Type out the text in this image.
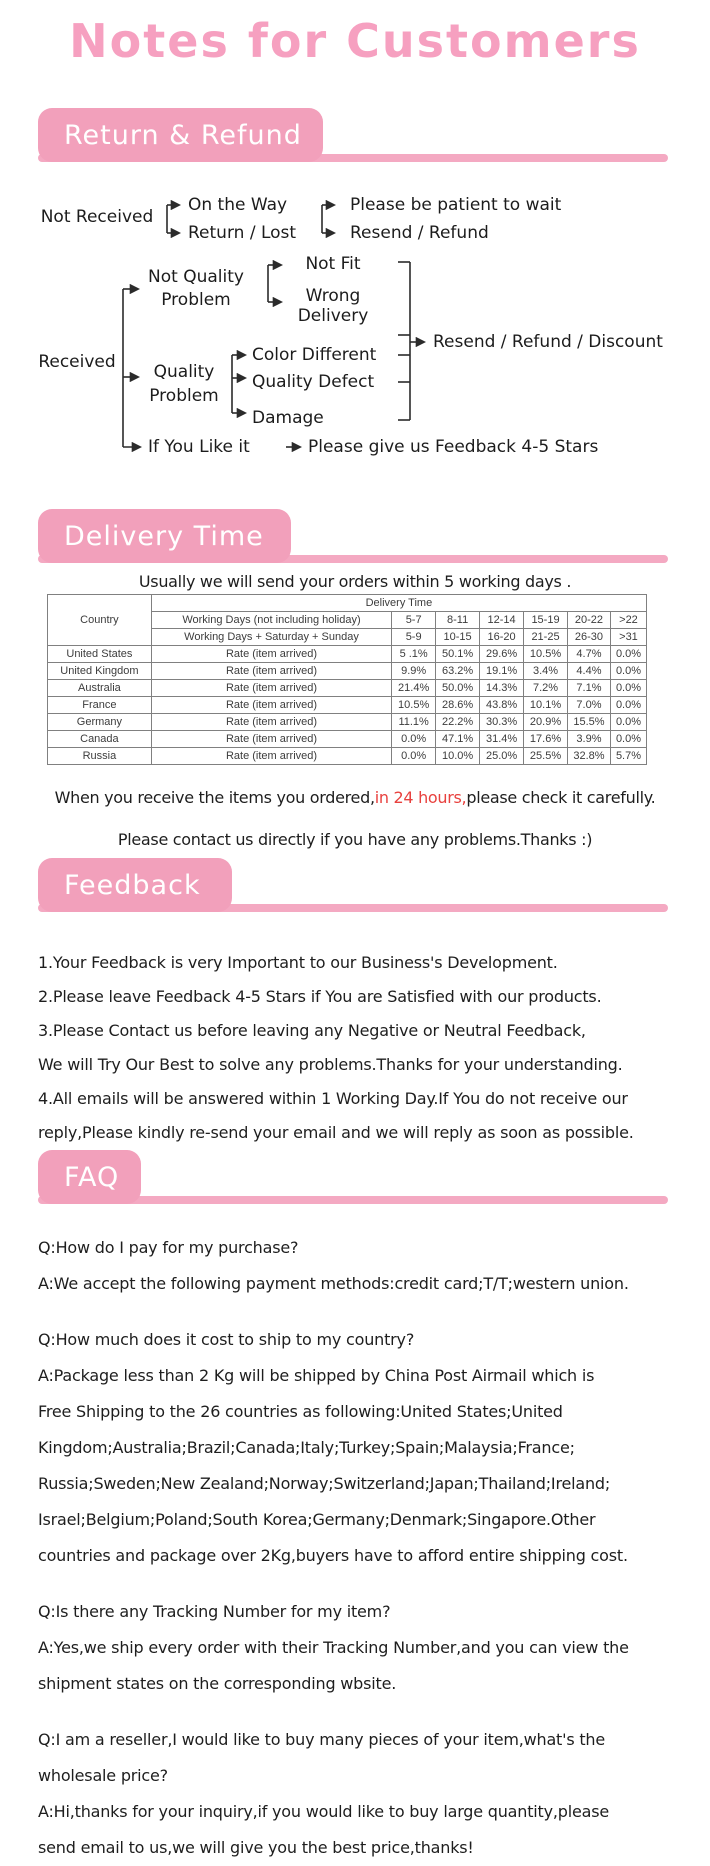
Notes for Customers
Return & Refund
Not Received
On the Way
Return / Lost
Please be patient to wait
Resend / Refund
Received
Not Quality
Problem
Not Fit
Wrong
Delivery
Quality
Problem
Color Different
Quality Defect
Damage
Resend / Refund / Discount
If You Like it	Please give us Feedback 4-5 Stars
Delivery Time
Usually we will send your orders within 5 working days .
Country	Delivery Time						
	Working Days (not including holiday)	5-7	8-11	12-14	15-19	20-22	>22
	Working Days + Saturday + Sunday	5-9	10-15	16-20	21-25	26-30	>31
United States	Rate (item arrived)	5 .1%	50.1%	29.6%	10.5%	4.7%	0.0%
United Kingdom	Rate (item arrived)	9.9%	63.2%	19.1%	3.4%	4.4%	0.0%
Australia	Rate (item arrived)	21.4%	50.0%	14.3%	7.2%	7.1%	0.0%
France	Rate (item arrived)	10.5%	28.6%	43.8%	10.1%	7.0%	0.0%
Germany	Rate (item arrived)	11.1%	22.2%	30.3%	20.9%	15.5%	0.0%
Canada	Rate (item arrived)	0.0%	47.1%	31.4%	17.6%	3.9%	0.0%
Russia	Rate (item arrived)	0.0%	10.0%	25.0%	25.5%	32.8%	5.7%
When you receive the items you ordered,in 24 hours,please check it carefully.
Please contact us directly if you have any problems.Thanks :)
Feedback
1.Your Feedback is very Important to our Business's Development.
2.Please leave Feedback 4-5 Stars if You are Satisfied with our products.
3.Please Contact us before leaving any Negative or Neutral Feedback,
We will Try Our Best to solve any problems.Thanks for your understanding.
4.All emails will be answered within 1 Working Day.If You do not receive our
reply,Please kindly re-send your email and we will reply as soon as possible.
FAQ
Q:How do I pay for my purchase?
A:We accept the following payment methods:credit card;T/T;western union.
Q:How much does it cost to ship to my country?
A:Package less than 2 Kg will be shipped by China Post Airmail which is
Free Shipping to the 26 countries as following:United States;United
Kingdom;Australia;Brazil;Canada;Italy;Turkey;Spain;Malaysia;France;
Russia;Sweden;New Zealand;Norway;Switzerland;Japan;Thailand;Ireland;
Israel;Belgium;Poland;South Korea;Germany;Denmark;Singapore.Other
countries and package over 2Kg,buyers have to afford entire shipping cost.
Q:Is there any Tracking Number for my item?
A:Yes,we ship every order with their Tracking Number,and you can view the
shipment states on the corresponding wbsite.
Q:I am a reseller,I would like to buy many pieces of your item,what's the
wholesale price?
A:Hi,thanks for your inquiry,if you would like to buy large quantity,please
send email to us,we will give you the best price,thanks!
